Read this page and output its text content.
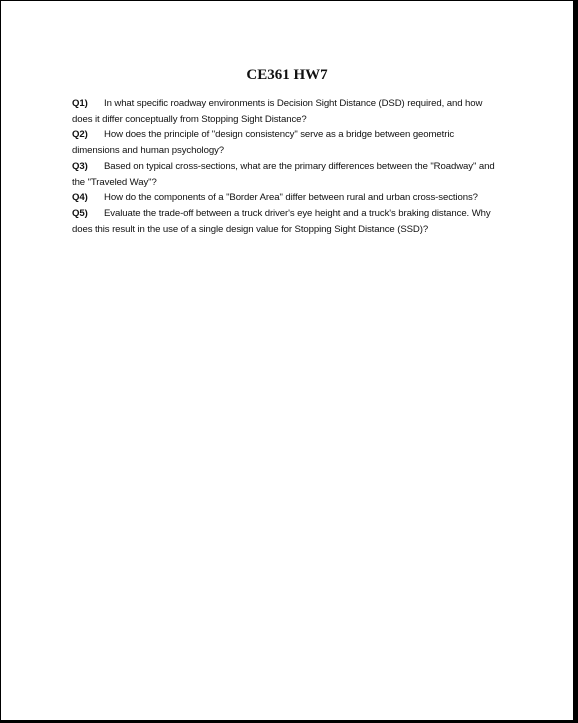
CE361 HW7

Q1) In what specific roadway environments is Decision Sight Distance (DSD) required, and how does it differ conceptually from Stopping Sight Distance?

Q2) How does the principle of "design consistency" serve as a bridge between geometric dimensions and human psychology?

Q3) Based on typical cross-sections, what are the primary differences between the "Roadway" and the "Traveled Way"?

Q4) How do the components of a "Border Area" differ between rural and urban cross-sections?

Q5) Evaluate the trade-off between a truck driver's eye height and a truck's braking distance. Why does this result in the use of a single design value for Stopping Sight Distance (SSD)?
